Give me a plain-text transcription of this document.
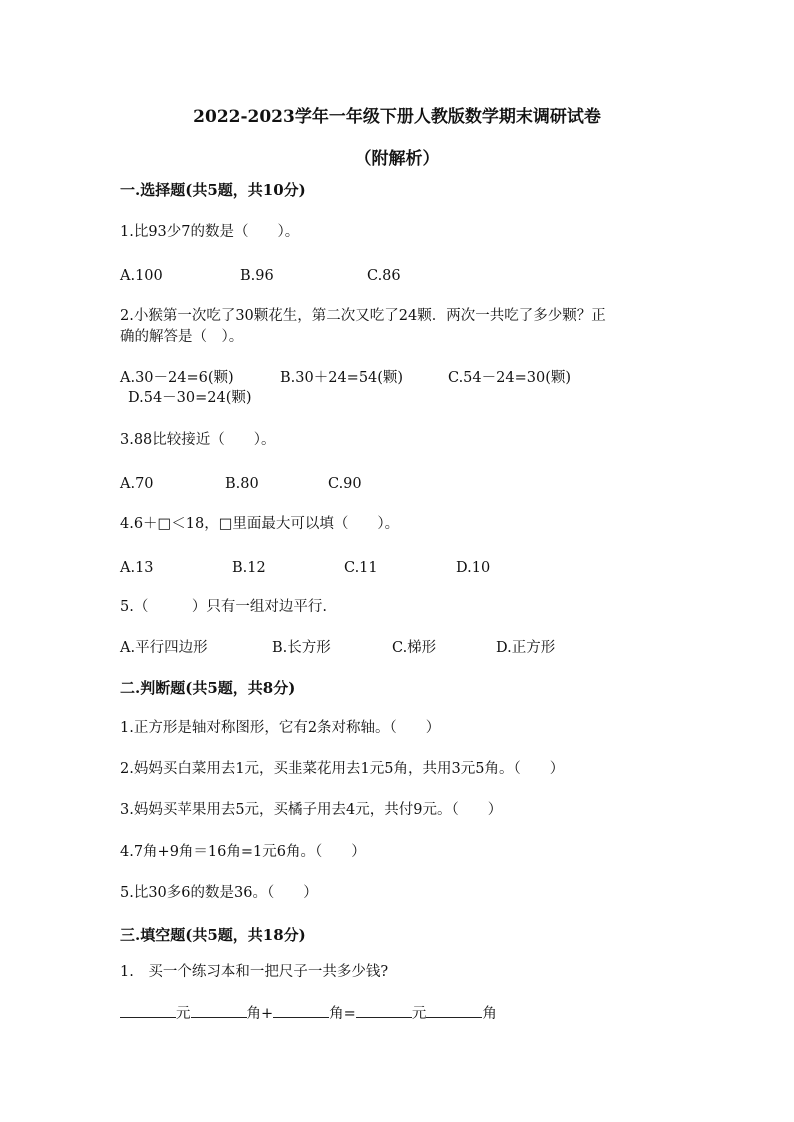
2022-2023学年一年级下册人教版数学期末调研试卷
（附解析）
一.选择题(共5题，共10分)
1.比93少7的数是（　　）。
A.100	B.96	C.86
2.小猴第一次吃了30颗花生，第二次又吃了24颗．两次一共吃了多少颗？正
确的解答是（　）。
A.30－24=6(颗)	B.30＋24=54(颗)	C.54－24=30(颗)
D.54－30=24(颗)
3.88比较接近（　　）。
A.70	B.80	C.90
4.6＋□＜18，□里面最大可以填（　　）。
A.13	B.12	C.11	D.10
5.（　　　）只有一组对边平行.
A.平行四边形	B.长方形	C.梯形	D.正方形
二.判断题(共5题，共8分)
1.正方形是轴对称图形，它有2条对称轴。（　　）
2.妈妈买白菜用去1元，买韭菜花用去1元5角，共用3元5角。（　　）
3.妈妈买苹果用去5元，买橘子用去4元，共付9元。（　　）
4.7角+9角＝16角=1元6角。（　　）
5.比30多6的数是36。（　　）
三.填空题(共5题，共18分)
1.　买一个练习本和一把尺子一共多少钱?
元	角+	角=	元	角
